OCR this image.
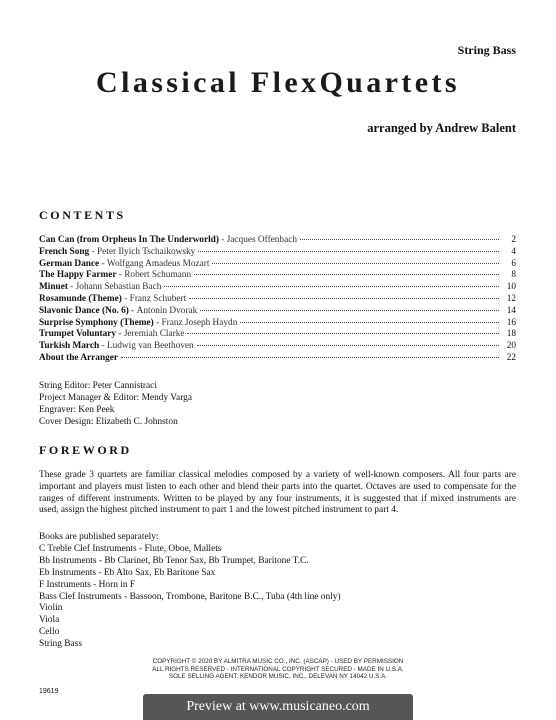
String Bass
Classical FlexQuartets
arranged by Andrew Balent
CONTENTS
Can Can (from Orpheus In The Underworld) - Jacques Offenbach	2
French Song - Peter Ilyich Tschaikowsky	4
German Dance - Wolfgang Amadeus Mozart	6
The Happy Farmer - Robert Schumann	8
Minuet - Johann Sebastian Bach	10
Rosamunde (Theme) - Franz Schubert	12
Slavonic Dance (No. 6) - Antonin Dvorak	14
Surprise Symphony (Theme) - Franz Joseph Haydn	16
Trumpet Voluntary - Jeremiah Clarke	18
Turkish March - Ludwig van Beethoven	20
About the Arranger	22
String Editor: Peter Cannistraci
Project Manager & Editor: Mendy Varga
Engraver: Ken Peek
Cover Design: Elizabeth C. Johnston
FOREWORD

These grade 3 quartets are familiar classical melodies composed by a variety of well-known composers. All four parts are important and players must listen to each other and blend their parts into the quartet. Octaves are used to compensate for the ranges of different instruments. Written to be played by any four instruments, it is suggested that if mixed instruments are used, assign the highest pitched instrument to part 1 and the lowest pitched instrument to part 4.

Books are published separately:
C Treble Clef Instruments - Flute, Oboe, Mallets
Bb Instruments - Bb Clarinet, Bb Tenor Sax, Bb Trumpet, Baritone T.C.
Eb Instruments - Eb Alto Sax, Eb Baritone Sax
F Instruments - Horn in F
Bass Clef Instruments - Bassoon, Trombone, Baritone B.C., Tuba (4th line only)
Violin
Viola
Cello
String Bass
COPYRIGHT © 2020 BY ALMITRA MUSIC CO., INC. (ASCAP) - USED BY PERMISSION
ALL RIGHTS RESERVED - INTERNATIONAL COPYRIGHT SECURED - MADE IN U.S.A.
SOLE SELLING AGENT: KENDOR MUSIC, INC., DELEVAN NY 14042 U.S.A.
19619
Preview at www.musicaneo.com
